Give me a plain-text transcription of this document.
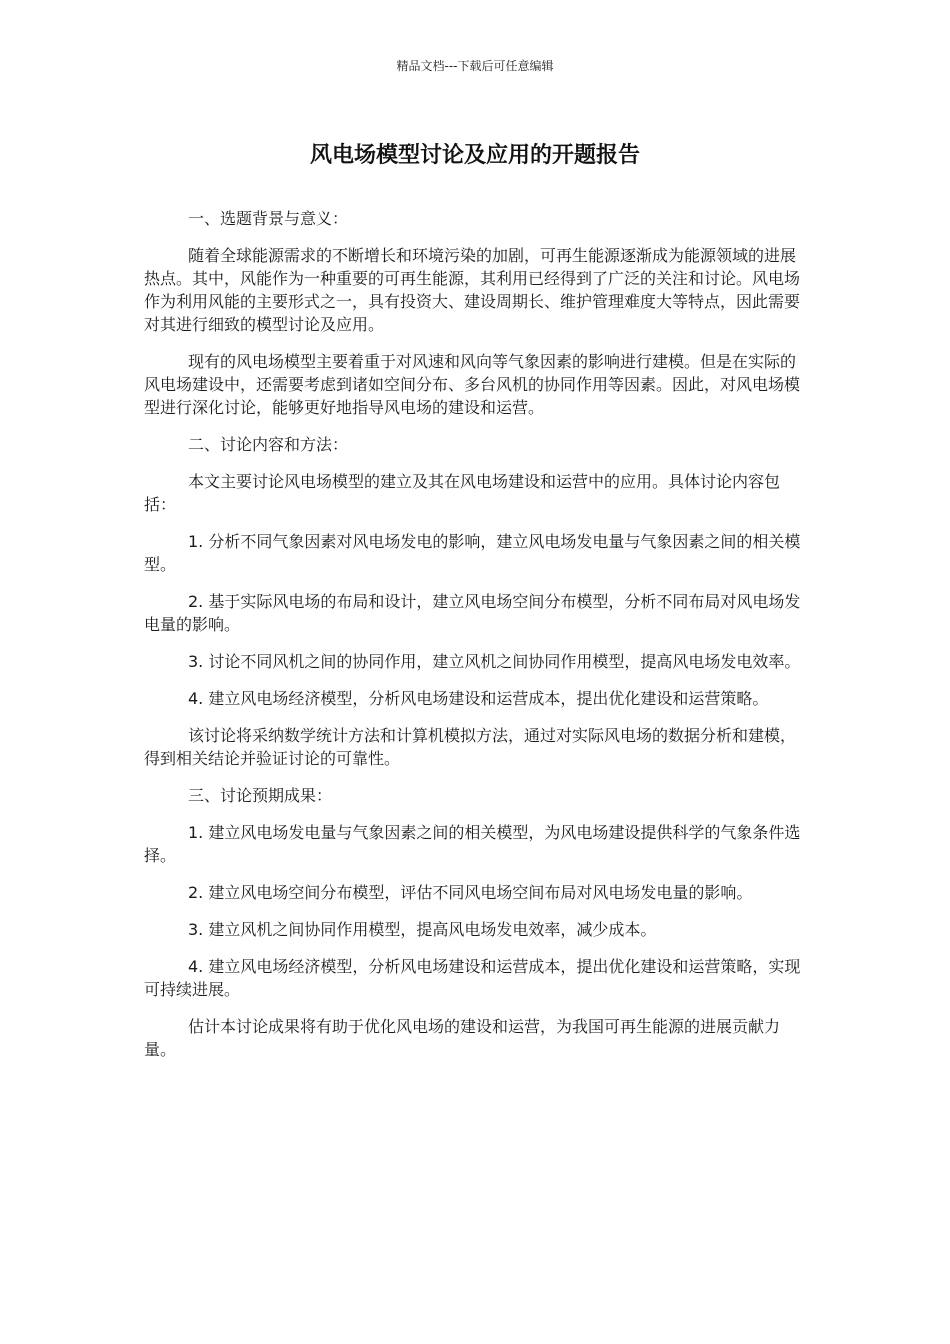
精品文档---下载后可任意编辑
风电场模型讨论及应用的开题报告

一、选题背景与意义：

随着全球能源需求的不断增长和环境污染的加剧，可再生能源逐渐成为能源领域的进展热点。其中，风能作为一种重要的可再生能源，其利用已经得到了广泛的关注和讨论。风电场作为利用风能的主要形式之一，具有投资大、建设周期长、维护管理难度大等特点，因此需要对其进行细致的模型讨论及应用。

现有的风电场模型主要着重于对风速和风向等气象因素的影响进行建模。但是在实际的风电场建设中，还需要考虑到诸如空间分布、多台风机的协同作用等因素。因此，对风电场模型进行深化讨论，能够更好地指导风电场的建设和运营。

二、讨论内容和方法：

本文主要讨论风电场模型的建立及其在风电场建设和运营中的应用。具体讨论内容包括：

1. 分析不同气象因素对风电场发电的影响，建立风电场发电量与气象因素之间的相关模型。

2. 基于实际风电场的布局和设计，建立风电场空间分布模型，分析不同布局对风电场发电量的影响。

3. 讨论不同风机之间的协同作用，建立风机之间协同作用模型，提高风电场发电效率。

4. 建立风电场经济模型，分析风电场建设和运营成本，提出优化建设和运营策略。

该讨论将采纳数学统计方法和计算机模拟方法，通过对实际风电场的数据分析和建模，得到相关结论并验证讨论的可靠性。

三、讨论预期成果：

1. 建立风电场发电量与气象因素之间的相关模型，为风电场建设提供科学的气象条件选择。

2. 建立风电场空间分布模型，评估不同风电场空间布局对风电场发电量的影响。

3. 建立风机之间协同作用模型，提高风电场发电效率，减少成本。

4. 建立风电场经济模型，分析风电场建设和运营成本，提出优化建设和运营策略，实现可持续进展。

估计本讨论成果将有助于优化风电场的建设和运营，为我国可再生能源的进展贡献力量。
